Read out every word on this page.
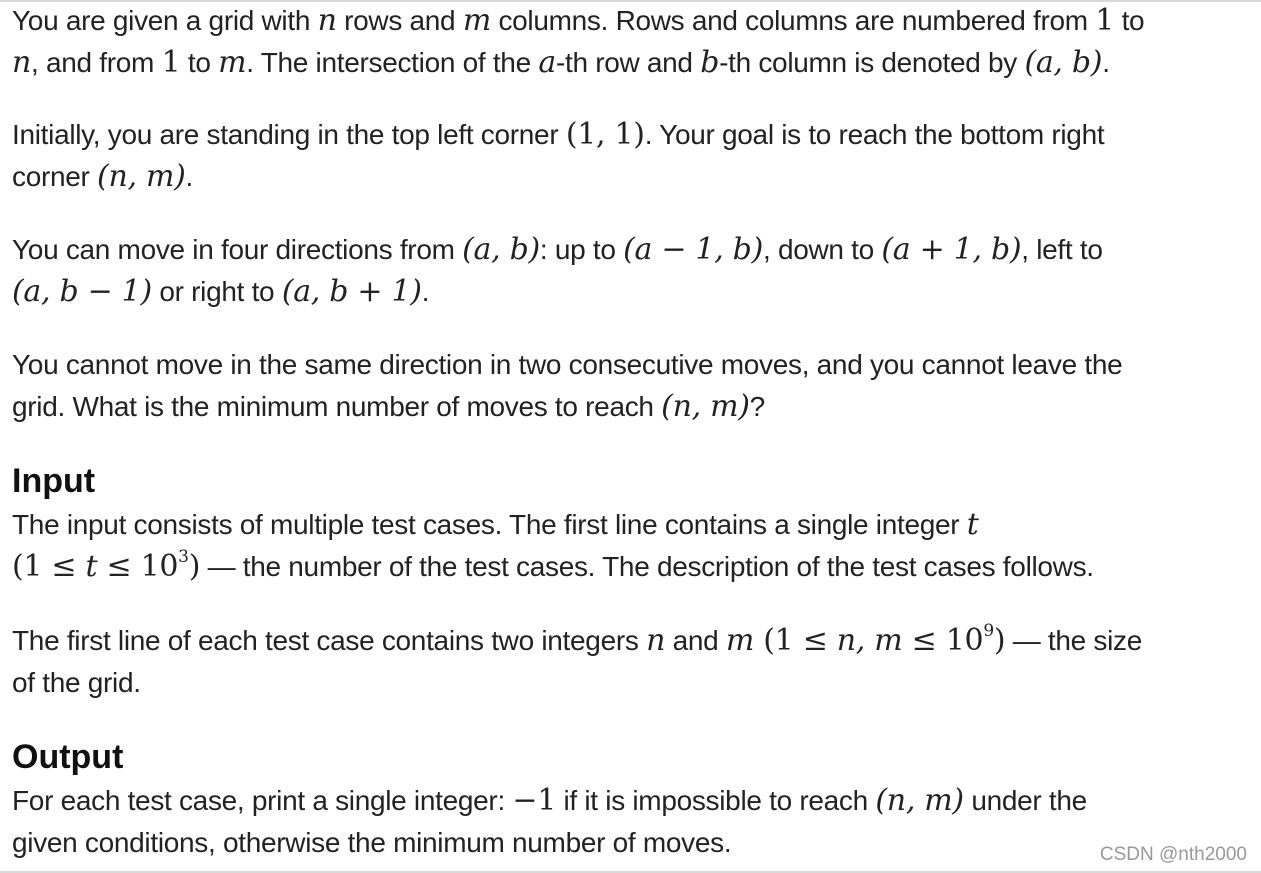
You are given a grid with n rows and m columns. Rows and columns are numbered from 1 to
n, and from 1 to m. The intersection of the a-th row and b-th column is denoted by (a, b).

Initially, you are standing in the top left corner (1, 1). Your goal is to reach the bottom right
corner (n, m).

You can move in four directions from (a, b): up to (a − 1, b), down to (a + 1, b), left to
(a, b − 1) or right to (a, b + 1).

You cannot move in the same direction in two consecutive moves, and you cannot leave the
grid. What is the minimum number of moves to reach (n, m)?

Input

The input consists of multiple test cases. The first line contains a single integer t
$(1 \le t \le 10^3)$ — the number of the test cases. The description of the test cases follows.

The first line of each test case contains two integers n and m (1 ≤ n, $m \le 10^9$) — the size
of the grid.

Output

For each test case, print a single integer: −1 if it is impossible to reach (n, m) under the
given conditions, otherwise the minimum number of moves.	CSDN @nth2000
